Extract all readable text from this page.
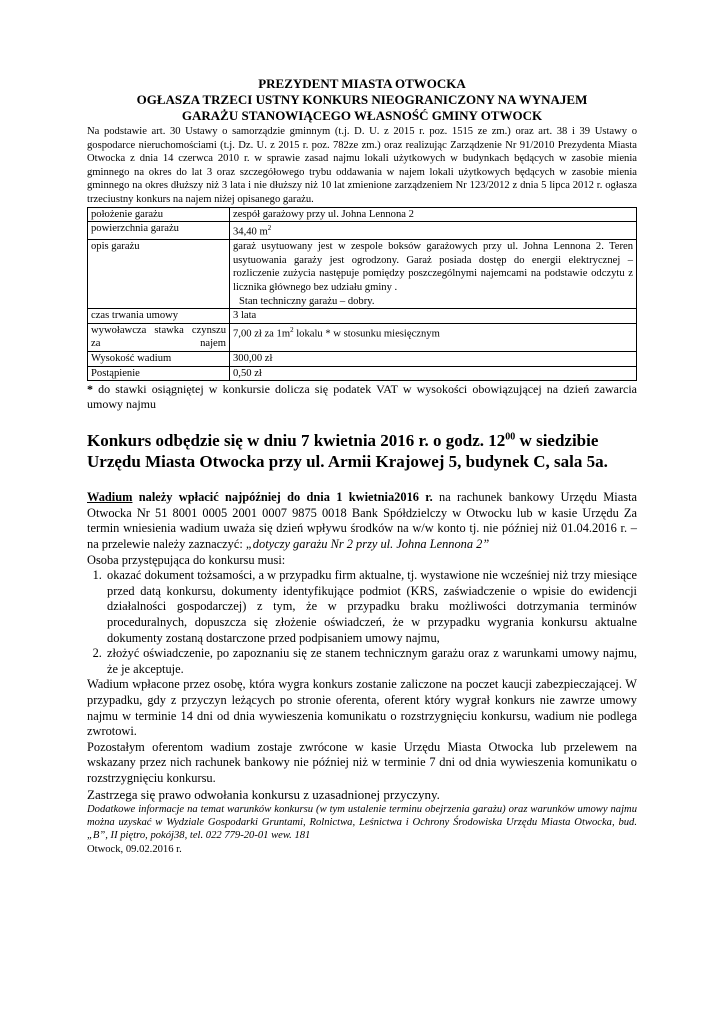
PREZYDENT MIASTA OTWOCKA
OGŁASZA TRZECI USTNY KONKURS NIEOGRANICZONY NA WYNAJEM
GARAŻU STANOWIĄCEGO WŁASNOŚĆ GMINY OTWOCK
Na podstawie art. 30 Ustawy o samorządzie gminnym (t.j. D. U. z 2015 r. poz. 1515 ze zm.) oraz art. 38 i 39 Ustawy o gospodarce nieruchomościami (t.j. Dz. U. z 2015 r. poz. 782ze zm.) oraz realizując Zarządzenie Nr 91/2010 Prezydenta Miasta Otwocka z dnia 14 czerwca 2010 r. w sprawie zasad najmu lokali użytkowych w budynkach będących w zasobie mienia gminnego na okres do lat 3 oraz szczegółowego trybu oddawania w najem lokali użytkowych będących w zasobie mienia gminnego na okres dłuższy niż 3 lata i nie dłuższy niż 10 lat zmienione zarządzeniem Nr 123/2012 z dnia 5 lipca 2012 r. ogłasza trzeciustny konkurs na najem niżej opisanego garażu.
położenie garażu	zespół garażowy przy ul. Johna Lennona 2
powierzchnia garażu	34,40 $m^2$
opis garażu	garaż usytuowany jest w zespole boksów garażowych przy ul. Johna Lennona 2. Teren usytuowania garaży jest ogrodzony. Garaż posiada dostęp do energii elektrycznej – rozliczenie zużycia następuje pomiędzy poszczególnymi najemcami na podstawie odczytu z licznika głównego bez udziału gminy .
Stan techniczny garażu – dobry.

czas trwania umowy	3 lata
wywoławcza stawka czynszu za najem	7,00 zł za $1m^2$ lokalu * w stosunku miesięcznym
Wysokość wadium	300,00 zł
Postąpienie	0,50 zł
* do stawki osiągniętej w konkursie dolicza się podatek VAT w wysokości obowiązującej na dzień zawarcia umowy najmu
Konkurs odbędzie się w dniu 7 kwietnia 2016 r. o godz. $12^{00}$ w siedzibie Urzędu Miasta Otwocka przy ul. Armii Krajowej 5, budynek C, sala 5a.
Wadium należy wpłacić najpóźniej do dnia 1 kwietnia2016 r. na rachunek bankowy Urzędu Miasta Otwocka Nr 51 8001 0005 2001 0007 9875 0018 Bank Spółdzielczy w Otwocku lub w kasie Urzędu Za termin wniesienia wadium uważa się dzień wpływu środków na w/w konto tj. nie później niż 01.04.2016 r. – na przelewie należy zaznaczyć: „dotyczy garażu Nr 2 przy ul. Johna Lennona 2”
Osoba przystępująca do konkursu musi:
1. okazać dokument tożsamości, a w przypadku firm aktualne, tj. wystawione nie wcześniej niż trzy miesiące przed datą konkursu, dokumenty identyfikujące podmiot (KRS, zaświadczenie o wpisie do ewidencji działalności gospodarczej) z tym, że w przypadku braku możliwości dotrzymania terminów proceduralnych, dopuszcza się złożenie oświadczeń, że w przypadku wygrania konkursu aktualne dokumenty zostaną dostarczone przed podpisaniem umowy najmu,
2. złożyć oświadczenie, po zapoznaniu się ze stanem technicznym garażu oraz z warunkami umowy najmu, że je akceptuje.
Wadium wpłacone przez osobę, która wygra konkurs zostanie zaliczone na poczet kaucji zabezpieczającej. W przypadku, gdy z przyczyn leżących po stronie oferenta, oferent który wygrał konkurs nie zawrze umowy najmu w terminie 14 dni od dnia wywieszenia komunikatu o rozstrzygnięciu konkursu, wadium nie podlega zwrotowi.
Pozostałym oferentom wadium zostaje zwrócone w kasie Urzędu Miasta Otwocka lub przelewem na wskazany przez nich rachunek bankowy nie później niż w terminie 7 dni od dnia wywieszenia komunikatu o rozstrzygnięciu konkursu.
Zastrzega się prawo odwołania konkursu z uzasadnionej przyczyny.
Dodatkowe informacje na temat warunków konkursu (w tym ustalenie terminu obejrzenia garażu) oraz warunków umowy najmu można uzyskać w Wydziale Gospodarki Gruntami, Rolnictwa, Leśnictwa i Ochrony Środowiska Urzędu Miasta Otwocka, bud. „B”, II piętro, pokój38, tel. 022 779-20-01 wew. 181
Otwock, 09.02.2016 r.
